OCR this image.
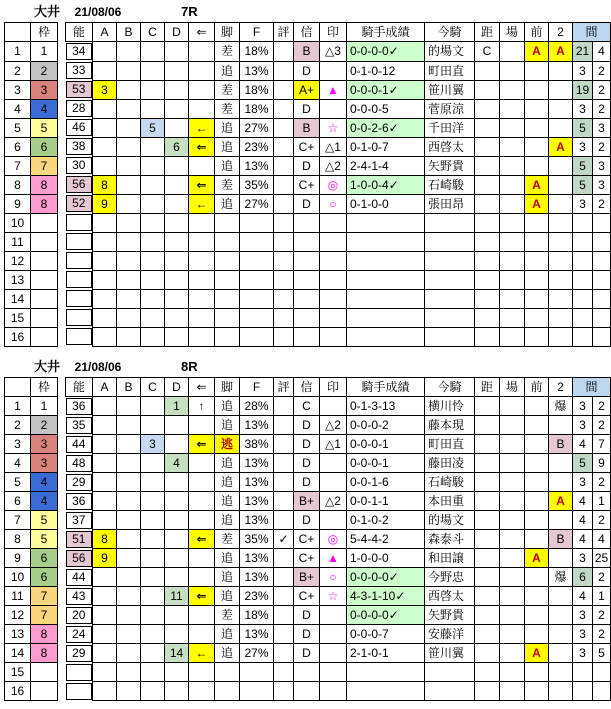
大井 21/08/06	7R
	枠		能	A	B	C	D	⇐	脚	F	評	信	印	騎手成績	今騎	距	場	前	2	間	
1	1		34						差	18%		B	△3	0-0-0-0✓	的場文	C		A	A	21	4
2	2		33						追	13%		D		0-1-0-12	町田直					3	2
3	3		53	3					差	18%		A+	▲	0-0-0-1✓	笹川翼					19	2
4	4		28						差	18%		D		0-0-0-5	菅原涼					3	2
5	5		46			5		←	追	27%		B	☆	0-0-2-6✓	千田洋					5	3
6	6		38				6	⇐	追	23%		C+	△1	0-1-0-7	西啓太				A	3	2
7	7		30						追	13%		D	△2	2-4-1-4	矢野貴					5	3
8	8		56	8				⇐	差	35%		C+	◎	1-0-0-4✓	石崎駿			A		5	3
9	8		52	9				←	追	27%		D	○	0-1-0-0	張田昂			A		3	2
10			

11			

12			

13			

14			

15			

16			

大井 21/08/06	8R
	枠		能	A	B	C	D	⇐	脚	F	評	信	印	騎手成績	今騎	距	場	前	2	間	
1	1		36				1	↑	追	28%		C		0-1-3-13	横川怜				爆	3	2
2	2		35						追	13%		D	△2	0-0-0-2	藤本現					3	2
3	3		44			3		⇐	逃	38%		D	△1	0-0-0-1	町田直				B	4	7
4	3		48				4		追	13%		D		0-0-0-1	藤田凌					5	9
5	4		29						追	13%		D		0-0-1-6	石崎駿					3	2
6	4		36						追	13%		B+	△2	0-0-1-1	本田重				A	4	1
7	5		37						追	13%		D		0-1-0-2	的場文					4	2
8	5		51	8				⇐	差	35%	✓	C+	◎	5-4-4-2	森泰斗				B	4	4
9	6		56	9					追	13%		C+	▲	1-0-0-0	和田譲			A		3	25
10	6		44						追	13%		B+	○	0-0-0-0✓	今野忠				爆	6	2
11	7		43				11	⇐	追	23%		C+	☆	4-3-1-10✓	西啓太					4	1
12	7		20						差	18%		D		0-0-0-0✓	矢野貴					3	2
13	8		24						追	13%		D		0-0-0-7	安藤洋					3	2
14	8		29				14	←	追	27%		D		2-1-0-1	笹川翼			A		3	5
15			

16			
